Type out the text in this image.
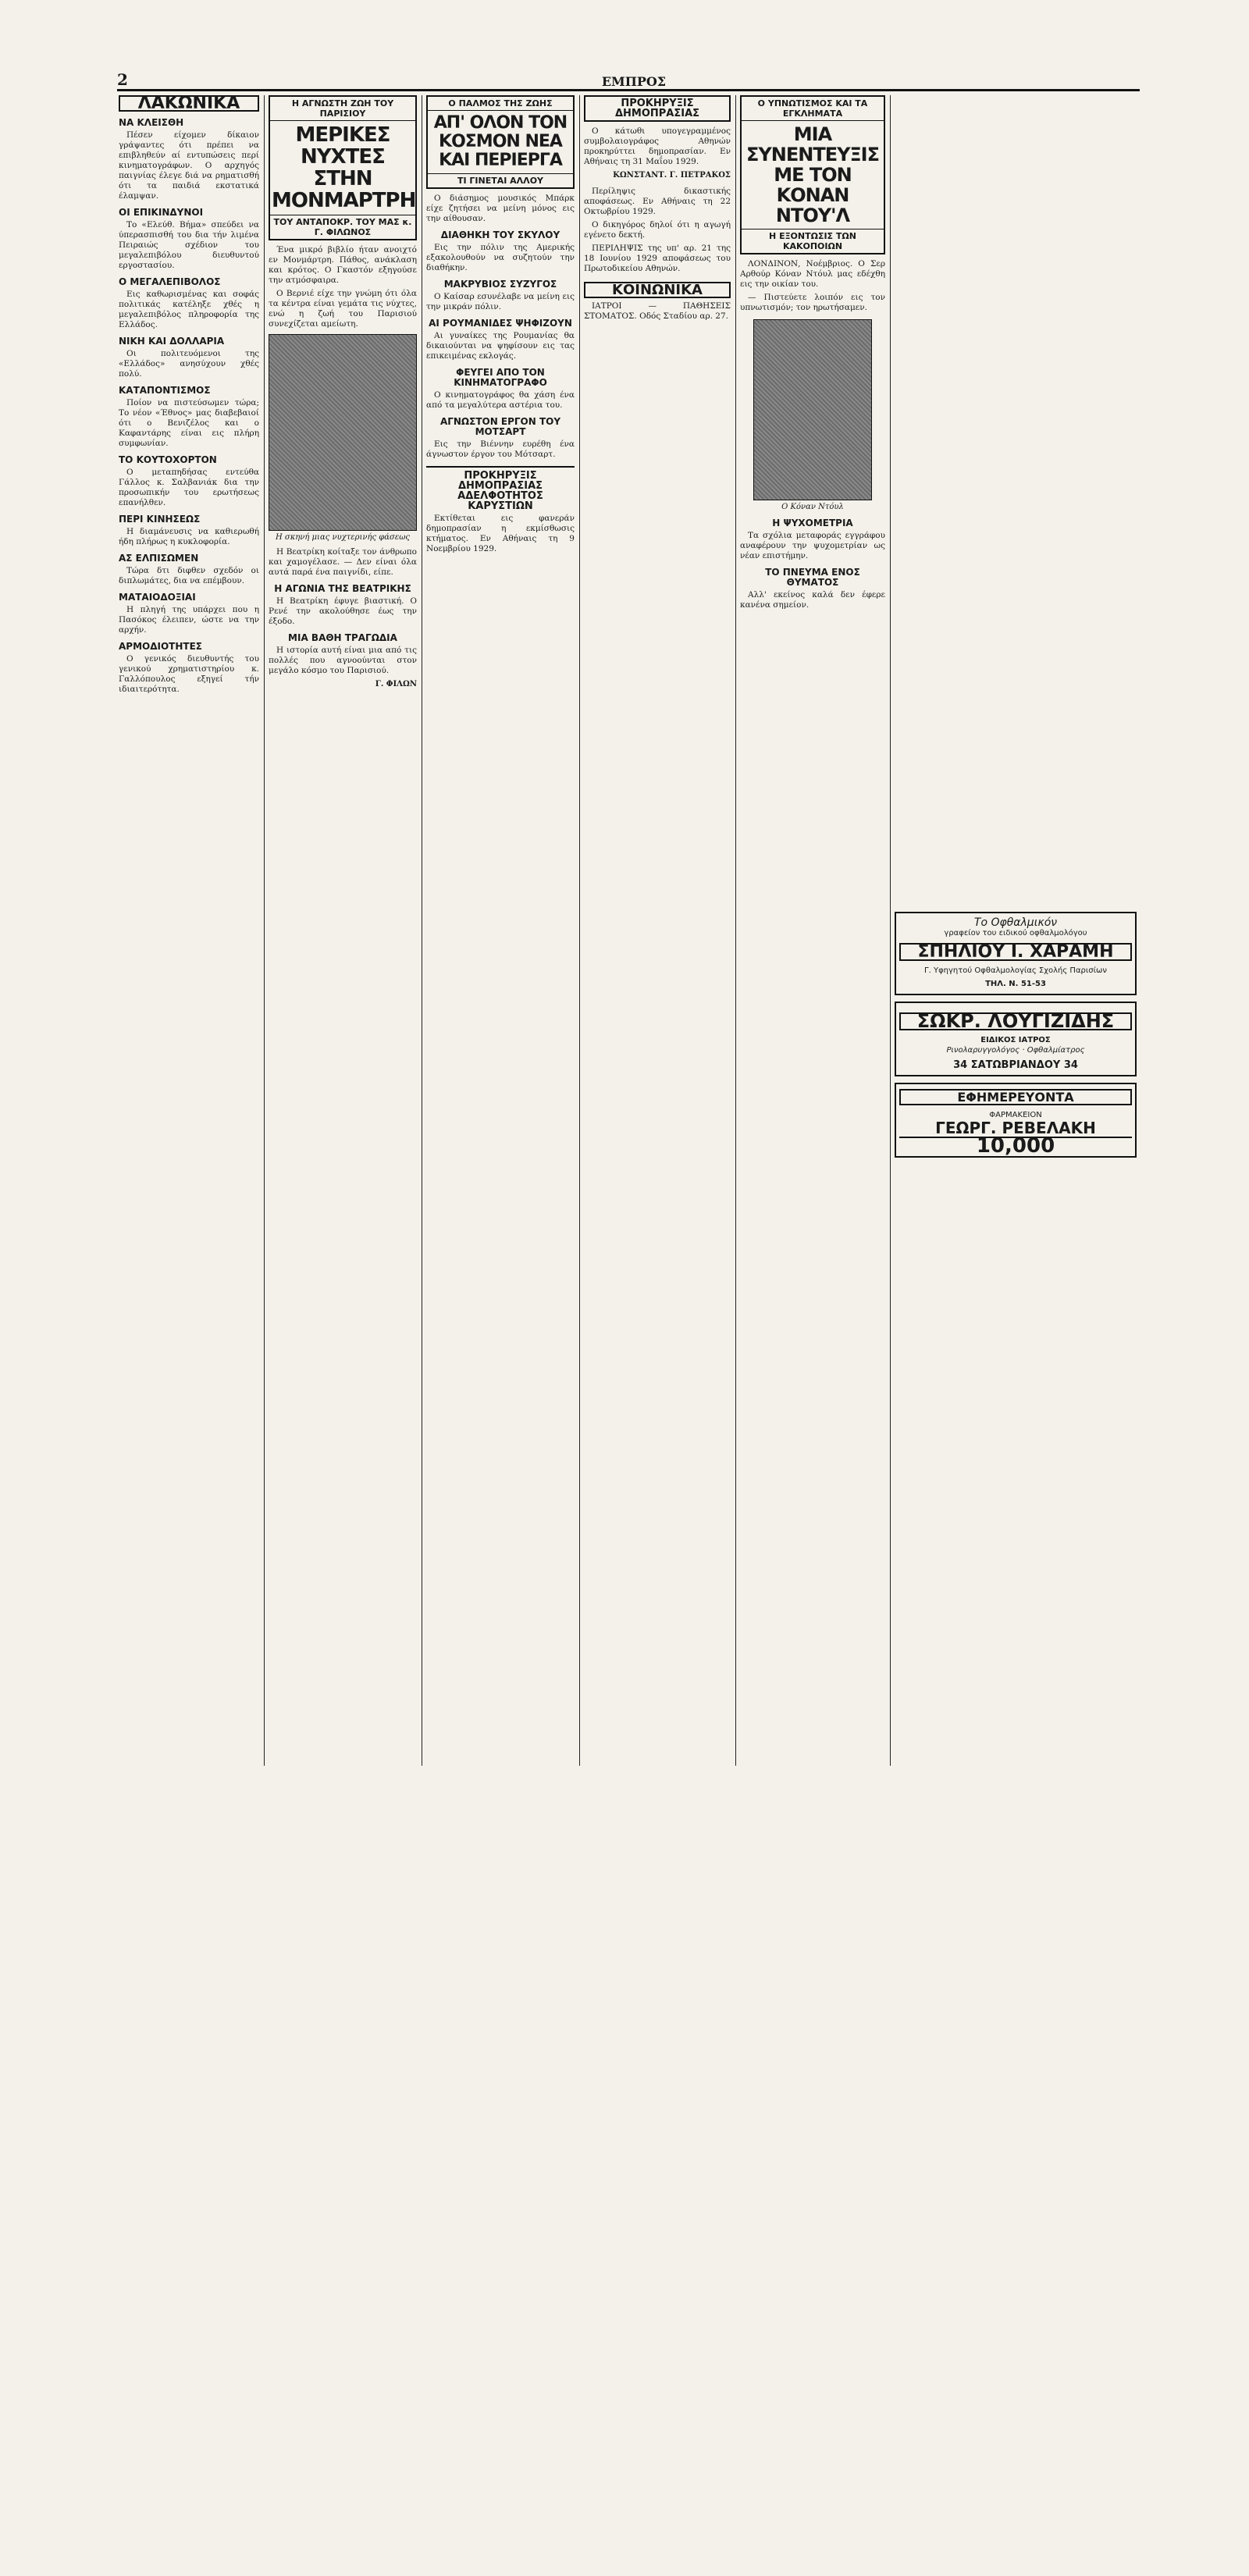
2	ΕΜΠΡΟΣ
ΛΑΚΩΝΙΚΑ
ΝΑ ΚΛΕΙΣΘΗ

Πέσεν είχομεν δίκαιον γράψαντες ότι πρέπει να επιβληθεύν αί εντυπώσεις περί κινηματογράφων. Ο αρχηγός παιγνίας έλεγε διά να ρηματισθή ότι τα παιδιά εκστατικά έλαμψαν.

ΟΙ ΕΠΙΚΙΝΔΥΝΟΙ

Το «Ελεύθ. Βήμα» σπεύδει να ύπερασπισθή του δια τήν λιμένα Πειραιώς σχέδιον του μεγαλεπιβόλου διευθυντού εργοστασίου.

Ο ΜΕΓΑΛΕΠΙΒΟΛΟΣ

Εις καθωρισμένας και σοφάς πολιτικάς κατέληξε χθές η μεγαλεπιβόλος πληροφορία της Ελλάδος.

ΝΙΚΗ ΚΑΙ ΔΟΛΛΑΡΙΑ

Οι πολιτευόμενοι της «Ελλάδος» ανησύχουν χθές πολύ.

ΚΑΤΑΠΟΝΤΙΣΜΟΣ

Ποίον να πιστεύσωμεν τώρα; Το νέον «Έθνος» μας διαβεβαιοί ότι ο Βενιζέλος και ο Καφαντάρης είναι εις πλήρη συμφωνίαν.

ΤΟ ΚΟΥΤΟΧΟΡΤΟΝ

Ο μεταπηδήσας εντεύθα Γάλλος κ. Σαλβανιάκ δια την προσωπικήν του ερωτήσεως επανήλθεν.

ΠΕΡΙ ΚΙΝΗΣΕΩΣ

Η διαμάνευσις να καθιερωθή ήδη πλήρως η κυκλοφορία.

ΑΣ ΕΛΠΙΣΩΜΕΝ

Τώρα δτι διφθεν σχεδόν οι διπλωμάτες, δια να επέμβουν.

ΜΑΤΑΙΟΔΟΞΙΑΙ

Η πληγή της υπάρχει που η Πασόκος έλειπεν, ώστε να την αρχήν.

ΑΡΜΟΔΙΟΤΗΤΕΣ

Ο γενικός διευθυντής του γενικού χρηματιστηρίου κ. Γαλλόπουλος εξηγεί τήν ιδιαιτερότητα.

Η ΑΓΝΩΣΤΗ ΖΩΗ ΤΟΥ ΠΑΡΙΣΙΟΥ
ΜΕΡΙΚΕΣ ΝΥΧΤΕΣ ΣΤΗΝ ΜΟΝΜΑΡΤΡΗ
ΤΟΥ ΑΝΤΑΠΟΚΡ. ΤΟΥ ΜΑΣ κ. Γ. ΦΙΛΩΝΟΣ

Ένα μικρό βιβλίο ήταν ανοιχτό εν Μονμάρτρη. Πάθος, ανάκλαση και κρότος. Ο Γκαστόν εξηγούσε την ατμόσφαιρα.

Ο Βερνιέ είχε την γνώμη ότι όλα τα κέντρα είναι γεμάτα τις νύχτες, ενώ η ζωή του Παρισιού συνεχίζεται αμείωτη.

Η σκηνή μιας νυχτερινής φάσεως

Η Βεατρίκη κοίταξε τον άνθρωπο και χαμογέλασε. — Δεν είναι όλα αυτά παρά ένα παιγνίδι, είπε.

Η ΑΓΩΝΙΑ ΤΗΣ ΒΕΑΤΡΙΚΗΣ

Η Βεατρίκη έφυγε βιαστική. Ο Ρενέ την ακολούθησε έως την έξοδο.

ΜΙΑ ΒΑΘΗ ΤΡΑΓΩΔΙΑ

Η ιστορία αυτή είναι μια από τις πολλές που αγνοούνται στον μεγάλο κόσμο του Παρισιού.

Γ. ΦΙΛΩΝ
Ο ΠΑΛΜΟΣ ΤΗΣ ΖΩΗΣ
ΑΠ' ΟΛΟΝ ΤΟΝ ΚΟΣΜΟΝ ΝΕΑ ΚΑΙ ΠΕΡΙΕΡΓΑ
ΤΙ ΓΙΝΕΤΑΙ ΑΛΛΟΥ

Ο διάσημος μουσικός Μπάρκ είχε ζητήσει να μείνη μόνος εις την αίθουσαν.

ΔΙΑΘΗΚΗ ΤΟΥ ΣΚΥΛΟΥ

Εις την πόλιν της Αμερικής εξακολουθούν να συζητούν την διαθήκην.

ΜΑΚΡΥΒΙΟΣ ΣΥΖΥΓΟΣ

Ο Καίσαρ εσυνέλαβε να μείνη εις την μικράν πόλιν.

ΑΙ ΡΟΥΜΑΝΙΔΕΣ ΨΗΦΙΖΟΥΝ

Αι γυναίκες της Ρουμανίας θα δικαιούνται να ψηφίσουν εις τας επικειμένας εκλογάς.

ΦΕΥΓΕΙ ΑΠΟ ΤΟΝ ΚΙΝΗΜΑΤΟΓΡΑΦΟ

Ο κινηματογράφος θα χάση ένα από τα μεγαλύτερα αστέρια του.

ΑΓΝΩΣΤΟΝ ΕΡΓΟΝ ΤΟΥ ΜΟΤΣΑΡΤ

Εις την Βιέννην ευρέθη ένα άγνωστον έργον του Μότσαρτ.

ΠΡΟΚΗΡΥΞΙΣ ΔΗΜΟΠΡΑΣΙΑΣ ΑΔΕΛΦΟΤΗΤΟΣ ΚΑΡΥΣΤΙΩΝ

Εκτίθεται εις φανεράν δημοπρασίαν η εκμίσθωσις κτήματος. Εν Αθήναις τη 9 Νοεμβρίου 1929.

ΠΡΟΚΗΡΥΞΙΣ ΔΗΜΟΠΡΑΣΙΑΣ

Ο κάτωθι υπογεγραμμένος συμβολαιογράφος Αθηνών προκηρύττει δημοπρασίαν. Εν Αθήναις τη 31 Μαΐου 1929.

ΚΩΝΣΤΑΝΤ. Γ. ΠΕΤΡΑΚΟΣ

Περίληψις δικαστικής αποφάσεως. Εν Αθήναις τη 22 Οκτωβρίου 1929.

Ο δικηγόρος δηλοί ότι η αγωγή εγένετο δεκτή.

ΠΕΡΙΛΗΨΙΣ της υπ' αρ. 21 της 18 Ιουνίου 1929 αποφάσεως του Πρωτοδικείου Αθηνών.

ΚΟΙΝΩΝΙΚΑ

ΙΑΤΡΟΙ — ΠΑΘΗΣΕΙΣ ΣΤΟΜΑΤΟΣ. Οδός Σταδίου αρ. 27.

Ο ΥΠΝΩΤΙΣΜΟΣ ΚΑΙ ΤΑ ΕΓΚΛΗΜΑΤΑ
ΜΙΑ ΣΥΝΕΝΤΕΥΞΙΣ ΜΕ ΤΟΝ ΚΟΝΑΝ ΝΤΟΥ'Λ
Η ΕΞΟΝΤΩΣΙΣ ΤΩΝ ΚΑΚΟΠΟΙΩΝ

ΛΟΝΔΙΝΟΝ, Νοέμβριος. Ο Σερ Αρθούρ Κόναν Ντόυλ μας εδέχθη εις την οικίαν του.

— Πιστεύετε λοιπόν εις τον υπνωτισμόν; τον ηρωτήσαμεν.

Ο Κόναν Ντόυλ
Η ΨΥΧΟΜΕΤΡΙΑ

Τα σχόλια μεταφοράς εγγράφου αναφέρουν την ψυχομετρίαν ως νέαν επιστήμην.

ΤΟ ΠΝΕΥΜΑ ΕΝΟΣ ΘΥΜΑΤΟΣ

Αλλ' εκείνος καλά δεν έφερε κανένα σημείον.

Το Οφθαλμικόν
γραφείον του ειδικού οφθαλμολόγου
ΣΠΗΛΙΟΥ Ι. ΧΑΡΑΜΗ
Γ. Υφηγητού Οφθαλμολογίας Σχολής Παρισίων
ΤΗΛ. Ν. 51-53
ΣΩΚΡ. ΛΟΥΓΙΖΙΔΗΣ
ΕΙΔΙΚΟΣ ΙΑΤΡΟΣ
Ρινολαρυγγολόγος · Οφθαλμίατρος
34 ΣΑΤΩΒΡΙΑΝΔΟΥ 34
ΕΦΗΜΕΡΕΥΟΝΤΑ
ΦΑΡΜΑΚΕΙΟΝ
ΓΕΩΡΓ. ΡΕΒΕΛΑΚΗ
10,000
